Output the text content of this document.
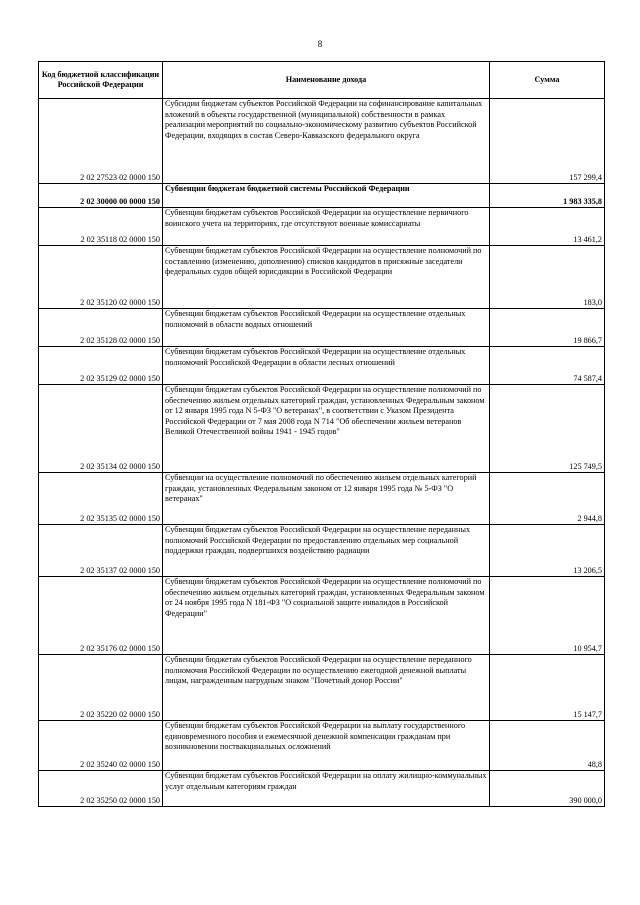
8
Код бюджетной классификации Российской Федерации	Наименование дохода	Сумма
2 02 27523 02 0000 150	Субсидии бюджетам субъектов Российской Федерации на софинансирование капитальных вложений в объекты государственной (муниципальной) собственности в рамках реализации мероприятий по социально-экономическому развитию субъектов Российской Федерации, входящих в состав Северо-Кавказского федерального округа	157 299,4
2 02 30000 00 0000 150	Субвенции бюджетам бюджетной системы Российской Федерации	1 983 335,8
2 02 35118 02 0000 150	Субвенции бюджетам субъектов Российской Федерации на осуществление первичного воинского учета на территориях, где отсутствуют военные комиссариаты	13 461,2
2 02 35120 02 0000 150	Субвенции бюджетам субъектов Российской Федерации на осуществление полномочий по составлению (изменению, дополнению) списков кандидатов в присяжные заседатели федеральных судов общей юрисдикции в Российской Федерации	183,0
2 02 35128 02 0000 150	Субвенции бюджетам субъектов Российской Федерации на осуществление отдельных полномочий в области водных отношений	19 866,7
2 02 35129 02 0000 150	Субвенции бюджетам субъектов Российской Федерации на осуществление отдельных полномочий Российской Федерации в области лесных отношений	74 587,4
2 02 35134 02 0000 150	Субвенции бюджетам субъектов Российской Федерации на осуществление полномочий по обеспечению жильем отдельных категорий граждан, установленных Федеральным законом от 12 января 1995 года N 5-ФЗ "О ветеранах", в соответствии с Указом Президента Российской Федерации от 7 мая 2008 года N 714 "Об обеспечении жильем ветеранов Великой Отечественной войны 1941 - 1945 годов"	125 749,5
2 02 35135 02 0000 150	Субвенции на осуществление полномочий по обеспечению жильем отдельных категорий граждан, установленных Федеральным законом от 12 января 1995 года № 5-ФЗ "О ветеранах"	2 944,8
2 02 35137 02 0000 150	Субвенции бюджетам субъектов Российской Федерации на осуществление переданных полномочий Российской Федерации по предоставлению отдельных мер социальной поддержки граждан, подвергшихся воздействию радиации	13 206,5
2 02 35176 02 0000 150	Субвенции бюджетам субъектов Российской Федерации на осуществление полномочий по обеспечению жильем отдельных категорий граждан, установленных Федеральным законом от 24 ноября 1995 года N 181-ФЗ "О социальной защите инвалидов в Российской Федерации"	10 954,7
2 02 35220 02 0000 150	Субвенции бюджетам субъектов Российской Федерации на осуществление переданного полномочия Российской Федерации по осуществлению ежегодной денежной выплаты лицам, награжденным нагрудным знаком "Почетный донор России"	15 147,7
2 02 35240 02 0000 150	Субвенции бюджетам субъектов Российской Федерации на выплату государственного единовременного пособия и ежемесячной денежной компенсации гражданам при возникновении поствакцинальных осложнений	48,8
2 02 35250 02 0000 150	Субвенции бюджетам субъектов Российской Федерации на оплату жилищно-коммунальных услуг отдельным категориям граждан	390 000,0
